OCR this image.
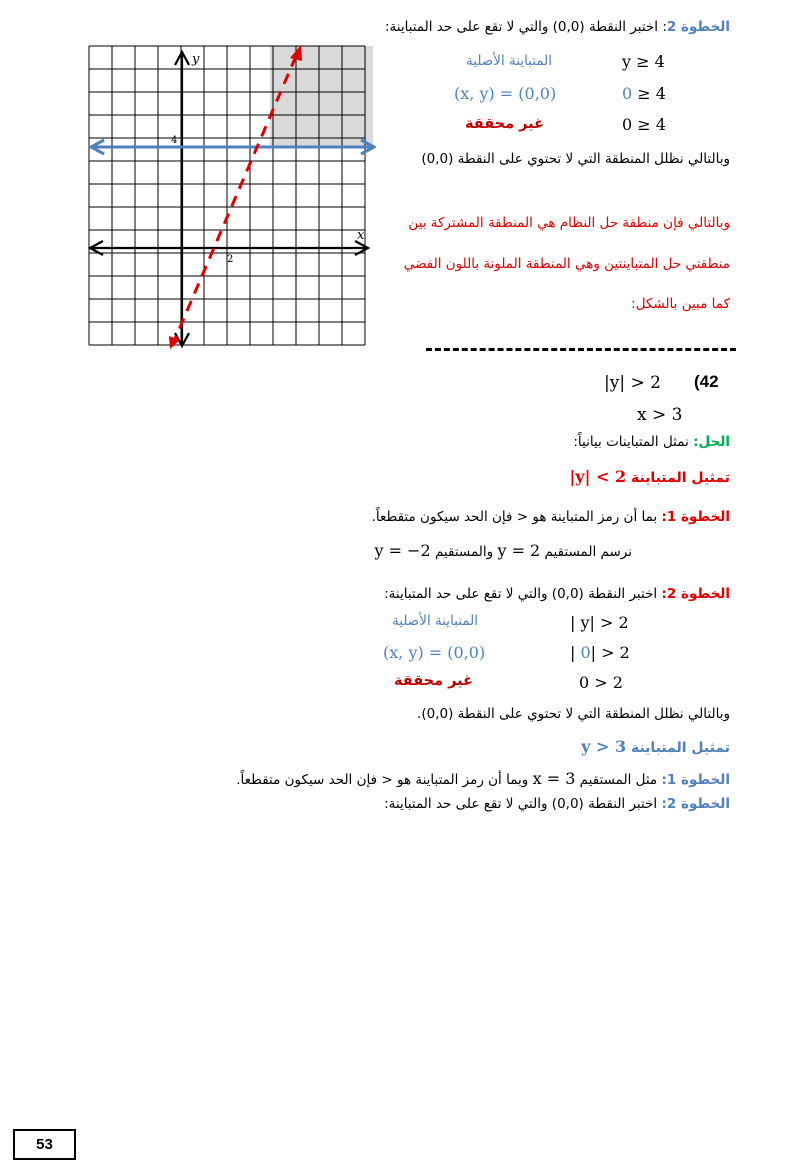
الخطوة 2: اختبر النقطة (0,0) والتي لا تقع على حد المتباينة:
y ≥ 4
المتباينة الأصلية
0 ≥ 4
(x, y) = (0,0)
0 ≥ 4
غير محققة
وبالتالي نظلل المنطقة التي لا تحتوي على النقطة (0,0)
وبالتالي فإن منطقة حل النظام هي المنطقة المشتركة بين
منطقتي حل المتباينتين وهي المنطقة الملونة باللون الفضي
كما مبين بالشكل:
y
x
4
2
|y| > 2 (42
x > 3
الحل: نمثل المتباينات بيانياً:
تمثيل المتباينة |y| < 2
الخطوة 1: بما أن رمز المتباينة هو < فإن الحد سيكون متقطعاً.
نرسم المستقيم y = 2 والمستقيم y = −2
الخطوة 2: اختبر النقطة (0,0) والتي لا تقع على حد المتباينة:
| y| > 2
المتباينة الأصلية
| 0| > 2
(x, y) = (0,0)
0 > 2
غير محققة
وبالتالي نظلل المنطقة التي لا تحتوي على النقطة (0,0).
تمثيل المتباينة y > 3
الخطوة 1: مثل المستقيم x = 3 وبما أن رمز المتباينة هو < فإن الحد سيكون متقطعاً.
الخطوة 2: اختبر النقطة (0,0) والتي لا تقع على حد المتباينة:
53
